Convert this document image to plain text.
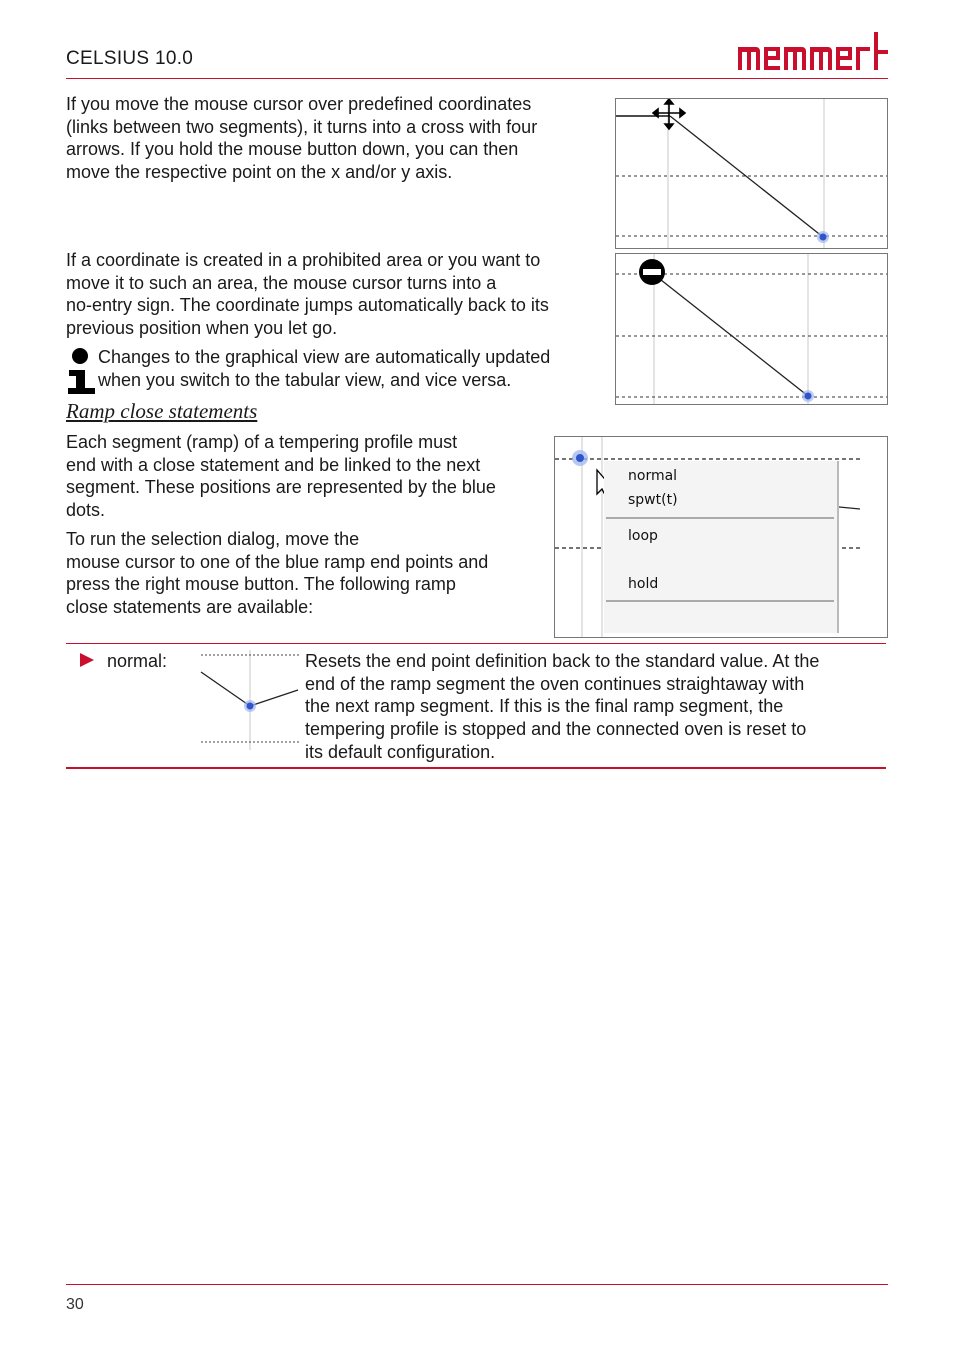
CELSIUS 10.0

If you move the mouse cursor over predefined coordinates

(links between two segments), it turns into a cross with four

arrows. If you hold the mouse button down, you can then

move the respective point on the x and/or y axis.

If a coordinate is created in a prohibited area or you want to

move it to such an area, the mouse cursor turns into a

no-entry sign. The coordinate jumps automatically back to its

previous position when you let go.

Changes to the graphical view are automatically updated

when you switch to the tabular view, and vice versa.

Ramp close statements

Each segment (ramp) of a tempering profile must

end with a close statement and be linked to the next

segment. These positions are represented by the blue

dots.

To run the selection dialog, move the

mouse cursor to one of the blue ramp end points and

press the right mouse button. The following ramp

close statements are available:

normal
spwt(t)
loop
hold
normal:	Resets the end point definition back to the standard value. At the

end of the ramp segment the oven continues straightaway with

the next ramp segment. If this is the final ramp segment, the

tempering profile is stopped and the connected oven is reset to

its default configuration.

30
